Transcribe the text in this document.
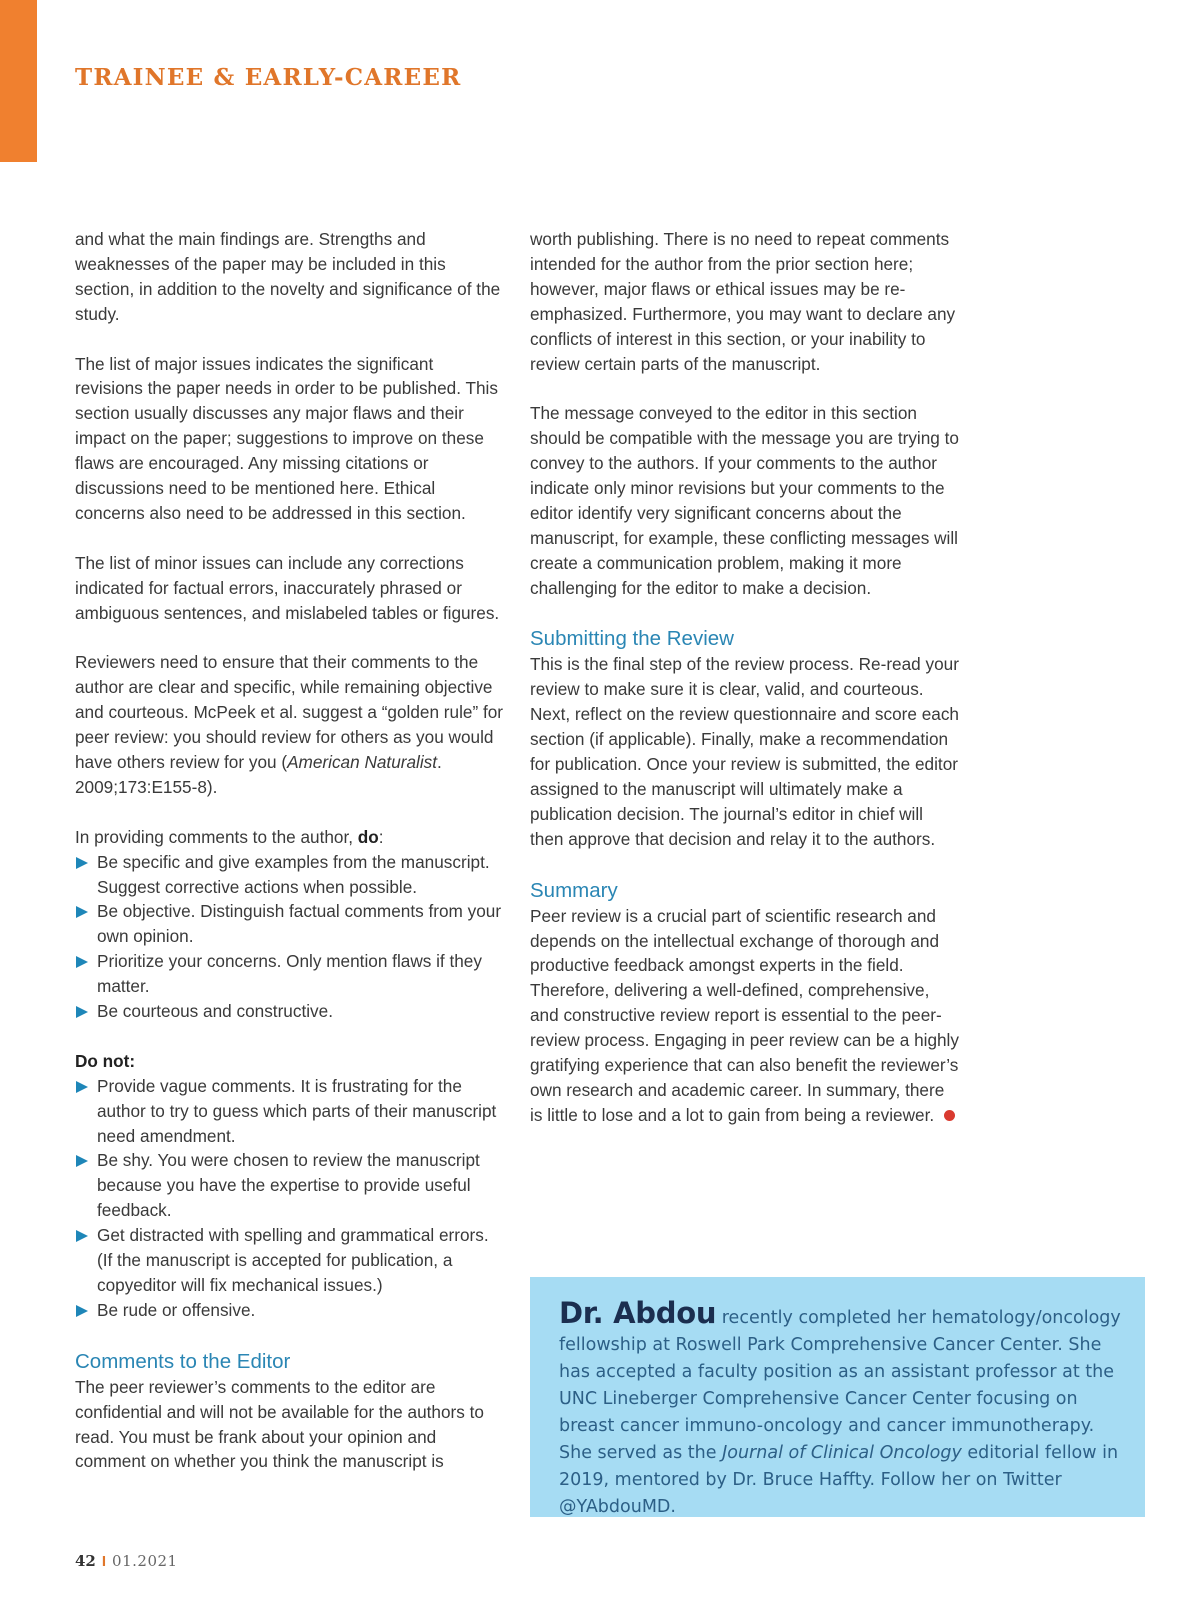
TRAINEE & EARLY-CAREER

and what the main findings are. Strengths and weaknesses of the paper may be included in this section, in addition to the novelty and significance of the study.

The list of major issues indicates the significant revisions the paper needs in order to be published. This section usually discusses any major flaws and their impact on the paper; suggestions to improve on these flaws are encouraged. Any missing citations or discussions need to be mentioned here. Ethical concerns also need to be addressed in this section.

The list of minor issues can include any corrections indicated for factual errors, inaccurately phrased or ambiguous sentences, and mislabeled tables or figures.

Reviewers need to ensure that their comments to the author are clear and specific, while remaining objective and courteous. McPeek et al. suggest a “golden rule” for peer review: you should review for others as you would have others review for you (American Naturalist. 2009;173:E155-8).

In providing comments to the author, do:

Be specific and give examples from the manuscript. Suggest corrective actions when possible.
Be objective. Distinguish factual comments from your own opinion.
Prioritize your concerns. Only mention flaws if they matter.
Be courteous and constructive.

Do not:

Provide vague comments. It is frustrating for the author to try to guess which parts of their manuscript need amendment.
Be shy. You were chosen to review the manuscript because you have the expertise to provide useful feedback.
Get distracted with spelling and grammatical errors. (If the manuscript is accepted for publication, a copyeditor will fix mechanical issues.)
Be rude or offensive.
Comments to the Editor

The peer reviewer’s comments to the editor are confidential and will not be available for the authors to read. You must be frank about your opinion and comment on whether you think the manuscript is

worth publishing. There is no need to repeat comments intended for the author from the prior section here; however, major flaws or ethical issues may be re-emphasized. Furthermore, you may want to declare any conflicts of interest in this section, or your inability to review certain parts of the manuscript.

The message conveyed to the editor in this section should be compatible with the message you are trying to convey to the authors. If your comments to the author indicate only minor revisions but your comments to the editor identify very significant concerns about the manuscript, for example, these conflicting messages will create a communication problem, making it more challenging for the editor to make a decision.

Submitting the Review

This is the final step of the review process. Re-read your review to make sure it is clear, valid, and courteous. Next, reflect on the review questionnaire and score each section (if applicable). Finally, make a recommendation for publication. Once your review is submitted, the editor assigned to the manuscript will ultimately make a publication decision. The journal’s editor in chief will then approve that decision and relay it to the authors.

Summary

Peer review is a crucial part of scientific research and depends on the intellectual exchange of thorough and productive feedback amongst experts in the field. Therefore, delivering a well-defined, comprehensive, and constructive review report is essential to the peer-review process. Engaging in peer review can be a highly gratifying experience that can also benefit the reviewer’s own research and academic career. In summary, there is little to lose and a lot to gain from being a reviewer.

Dr. Abdou recently completed her hematology/oncology fellowship at Roswell Park Comprehensive Cancer Center. She has accepted a faculty position as an assistant professor at the UNC Lineberger Comprehensive Cancer Center focusing on breast cancer immuno-oncology and cancer immunotherapy. She served as the Journal of Clinical Oncology editorial fellow in 2019, mentored by Dr. Bruce Haffty. Follow her on Twitter @YAbdouMD.
42 I 01.2021
